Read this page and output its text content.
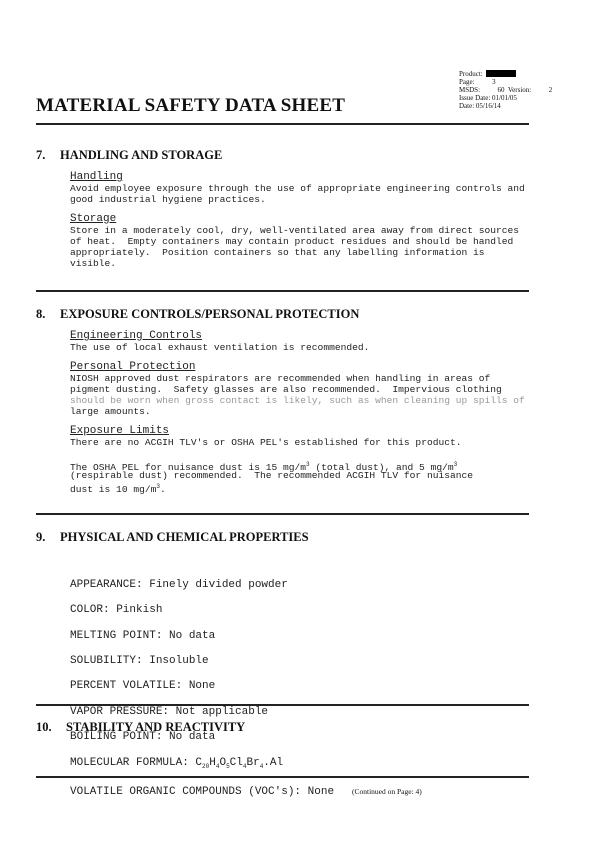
Product:
Page:	3
MSDS:	60 Version:	2
Issue Date: 01/01/05
Date: 05/16/14
MATERIAL SAFETY DATA SHEET
7. HANDLING AND STORAGE
Handling
Avoid employee exposure through the use of appropriate engineering controls and
good industrial hygiene practices.
Storage
Store in a moderately cool, dry, well-ventilated area away from direct sources
of heat.  Empty containers may contain product residues and should be handled
appropriately.  Position containers so that any labelling information is
visible.
8. EXPOSURE CONTROLS/PERSONAL PROTECTION
Engineering Controls
The use of local exhaust ventilation is recommended.
Personal Protection
NIOSH approved dust respirators are recommended when handling in areas of
pigment dusting.  Safety glasses are also recommended.  Impervious clothing
should be worn when gross contact is likely, such as when cleaning up spills of
large amounts.
Exposure Limits
There are no ACGIH TLV's or OSHA PEL's established for this product.
The OSHA PEL for nuisance dust is 15 $mg/m^3$ (total dust), and 5 $mg/m^3$
(respirable dust) recommended.  The recommended ACGIH TLV for nuisance
dust is 10 $mg/m^3$.
9. PHYSICAL AND CHEMICAL PROPERTIES

APPEARANCE: Finely divided powder

COLOR: Pinkish

MELTING POINT: No data

SOLUBILITY: Insoluble

PERCENT VOLATILE: None

VAPOR PRESSURE: Not applicable

BOILING POINT: No data

MOLECULAR FORMULA: $C_{20}H_4O_5Cl_4Br_4.Al$

VOLATILE ORGANIC COMPOUNDS (VOC's): None

10. STABILITY AND REACTIVITY
(Continued on Page: 4)
